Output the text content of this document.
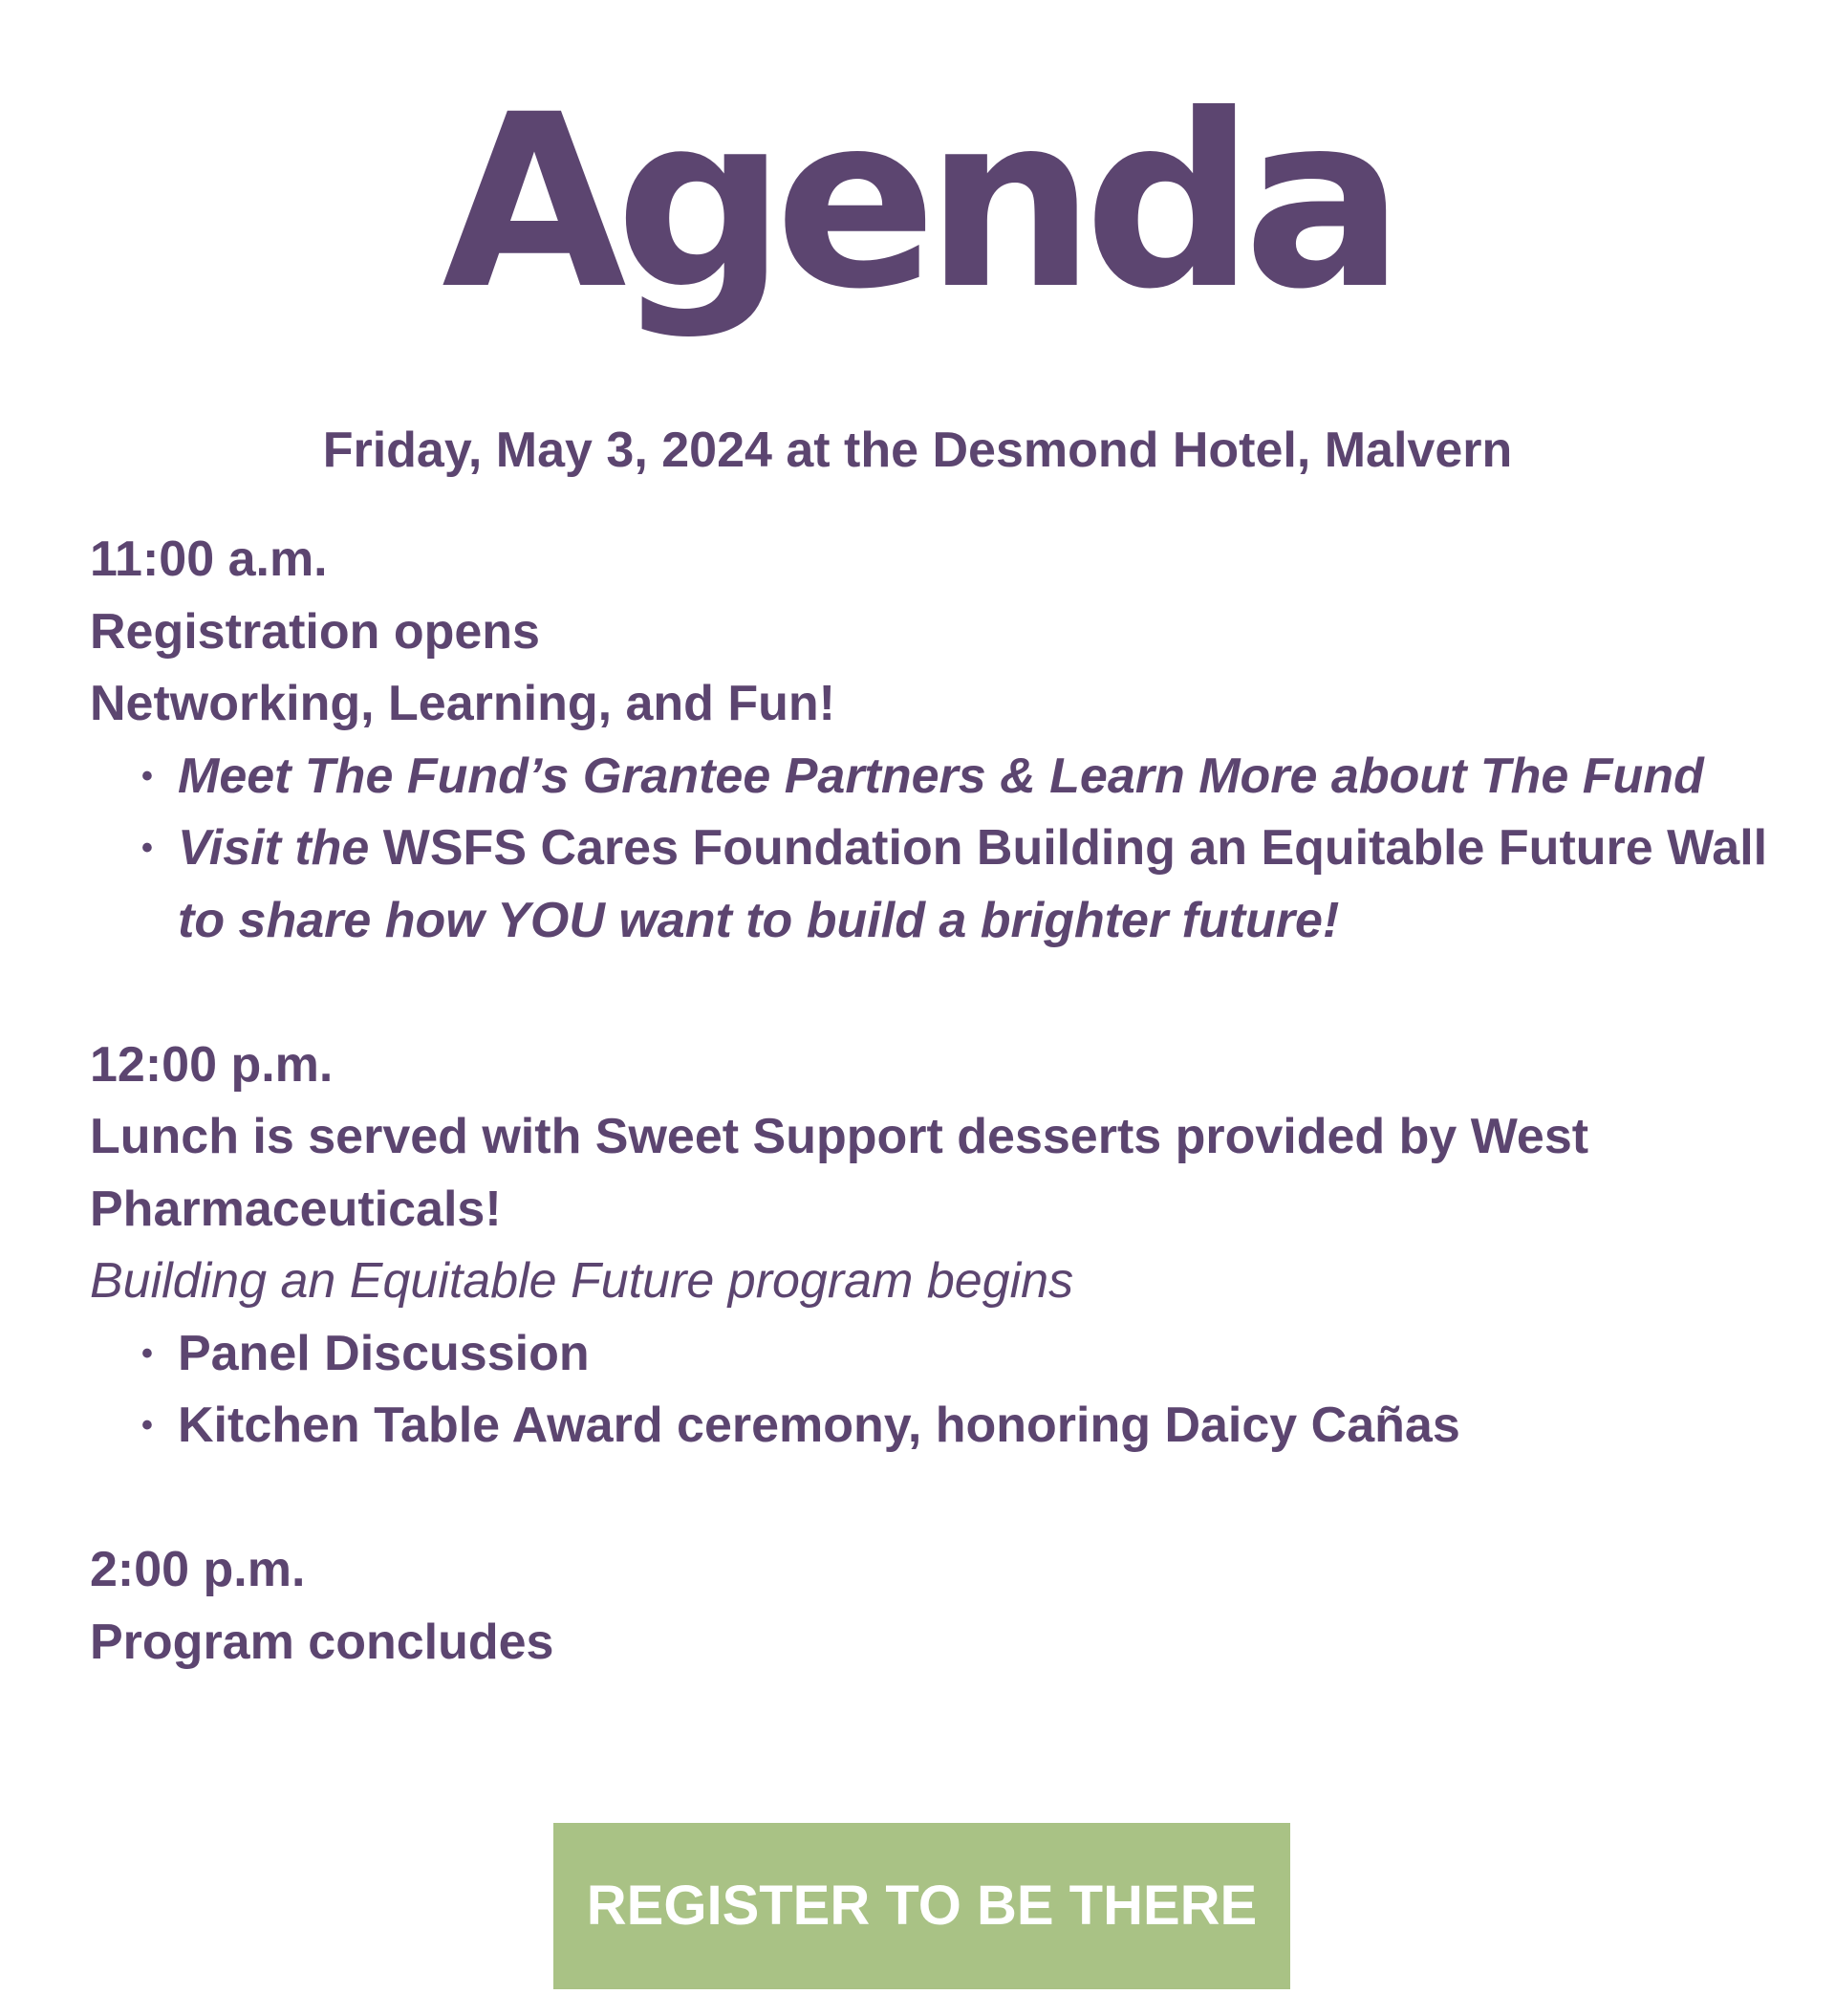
Agenda
Friday, May 3, 2024 at the Desmond Hotel, Malvern
11:00 a.m.
Registration opens
Networking, Learning, and Fun!
• Meet The Fund’s Grantee Partners & Learn More about The Fund
• Visit the WSFS Cares Foundation Building an Equitable Future Wall to share how YOU want to build a brighter future!
12:00 p.m.
Lunch is served with Sweet Support desserts provided by West Pharmaceuticals!
Building an Equitable Future program begins
• Panel Discussion
• Kitchen Table Award ceremony, honoring Daicy Cañas
2:00 p.m.
Program concludes
REGISTER TO BE THERE
